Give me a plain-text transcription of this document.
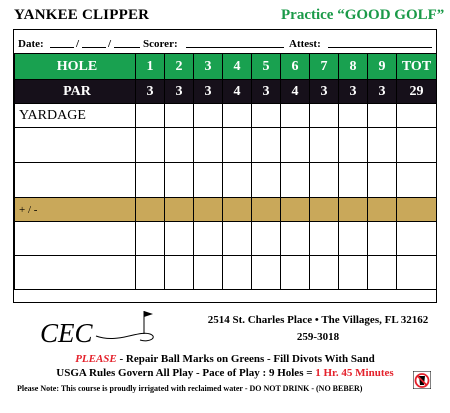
YANKEE CLIPPER	Practice “GOOD GOLF”
Date:	/	/	Scorer:	Attest:
HOLE	1	2	3	4	5	6	7	8	9	TOT
PAR	3	3	3	4	3	4	3	3	3	29
YARDAGE										

+ / -										

CEC	2514 St. Charles Place • The Villages, FL 32162
259-3018
PLEASE - Repair Ball Marks on Greens - Fill Divots With Sand
USGA Rules Govern All Play - Pace of Play : 9 Holes = 1 Hr. 45 Minutes
Please Note: This course is proudly irrigated with reclaimed water - DO NOT DRINK - (NO BEBER)
